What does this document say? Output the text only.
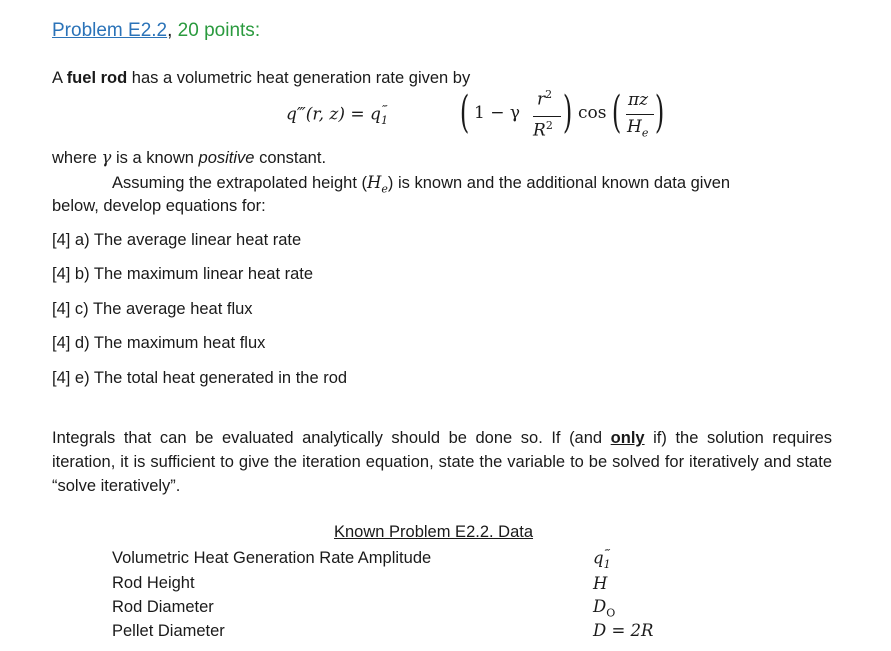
Problem E2.2, 20 points:
A fuel rod has a volumetric heat generation rate given by
q‴(r, $z) = q_1^‴$ ( 1 − γ
$r^2$
$R^2$ ) cos ( πz
$H_e$ )
where γ is a known positive constant.
Assuming the extrapolated height $(H_e)$ is known and the additional known data given
below, develop equations for:
[4] a) The average linear heat rate
[4] b) The maximum linear heat rate
[4] c) The average heat flux
[4] d) The maximum heat flux
[4] e) The total heat generated in the rod
Integrals that can be evaluated analytically should be done so. If (and only if) the solution requires iteration, it is sufficient to give the iteration equation, state the variable to be solved for iteratively and state “solve iteratively”.
Known Problem E2.2. Data
Volumetric Heat Generation Rate Amplitude	$q_1^‴$
Rod Height	H
Rod Diameter	$D_O$
Pellet Diameter	D = 2R
